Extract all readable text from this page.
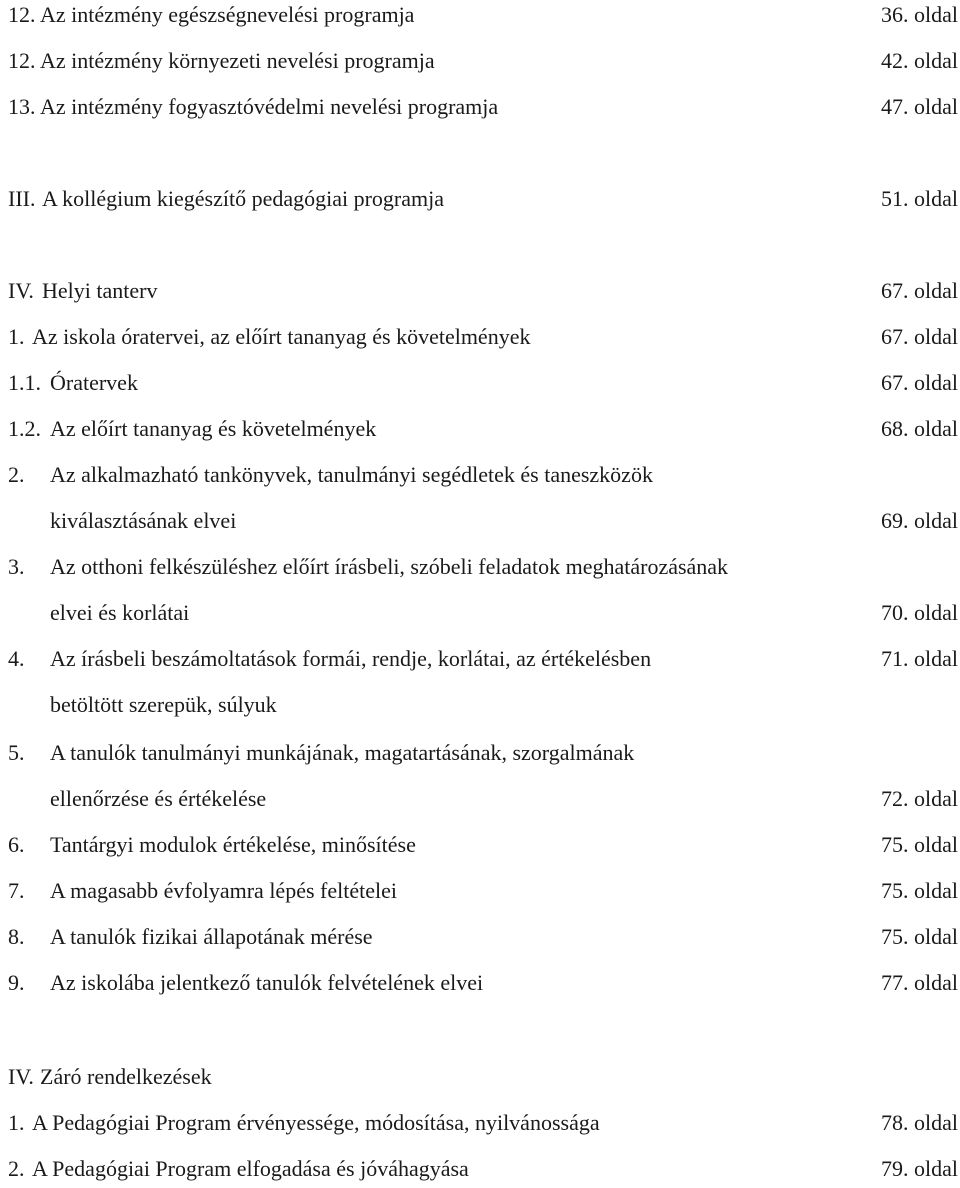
12. Az intézmény egészségnevelési programja	36. oldal
12. Az intézmény környezeti nevelési programja	42. oldal
13. Az intézmény fogyasztóvédelmi nevelési programja	47. oldal
III. A kollégium kiegészítő pedagógiai programja	51. oldal
IV. Helyi tanterv	67. oldal
1. Az iskola óratervei, az előírt tananyag és követelmények	67. oldal
1.1. Óratervek	67. oldal
1.2. Az előírt tananyag és követelmények	68. oldal
2. Az alkalmazható tankönyvek, tanulmányi segédletek és taneszközök
kiválasztásának elvei	69. oldal
3. Az otthoni felkészüléshez előírt írásbeli, szóbeli feladatok meghatározásának
elvei és korlátai	70. oldal
4. Az írásbeli beszámoltatások formái, rendje, korlátai, az értékelésben	71. oldal
betöltött szerepük, súlyuk
5. A tanulók tanulmányi munkájának, magatartásának, szorgalmának
ellenőrzése és értékelése	72. oldal
6. Tantárgyi modulok értékelése, minősítése	75. oldal
7. A magasabb évfolyamra lépés feltételei	75. oldal
8. A tanulók fizikai állapotának mérése	75. oldal
9. Az iskolába jelentkező tanulók felvételének elvei	77. oldal
IV. Záró rendelkezések
1. A Pedagógiai Program érvényessége, módosítása, nyilvánossága	78. oldal
2. A Pedagógiai Program elfogadása és jóváhagyása	79. oldal
